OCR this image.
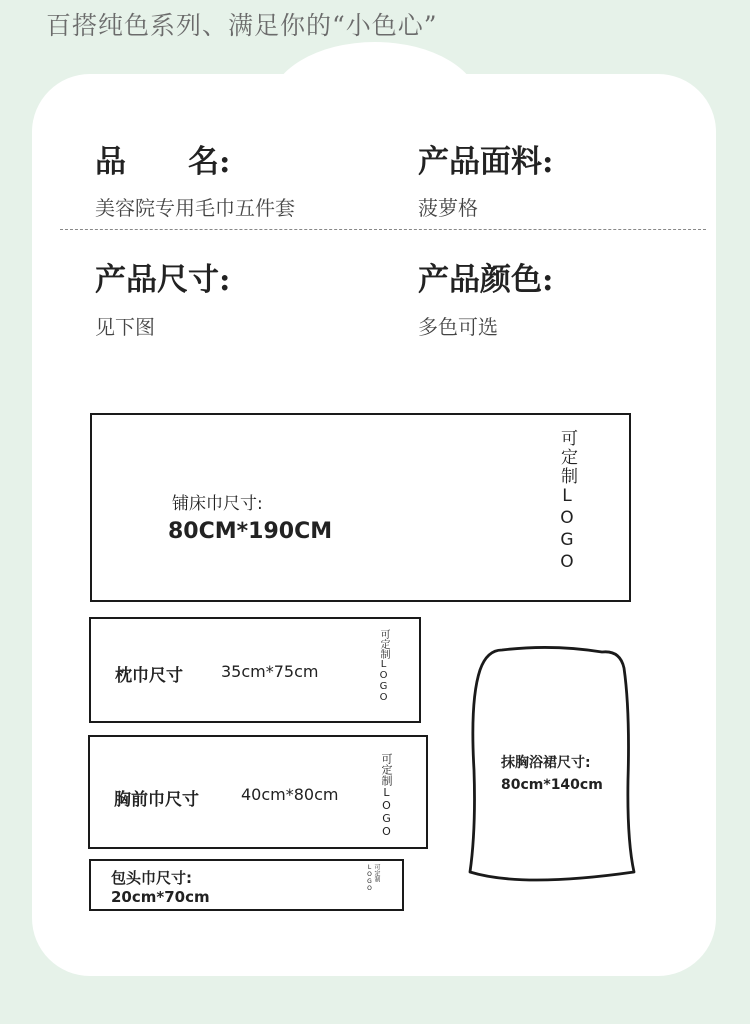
百搭纯色系列、满足你的“小色心”
品　　名:
美容院专用毛巾五件套
产品面料:
菠萝格
产品尺寸:
见下图
产品颜色:
多色可选
铺床巾尺寸:
80CM*190CM	可定制LOGO
枕巾尺寸 35cm*75cm	可定制LOGO
胸前巾尺寸	40cm*80cm	可定制LOGO
包头巾尺寸:
20cm*70cm
可定制LOGO
抹胸浴裙尺寸:
80cm*140cm
